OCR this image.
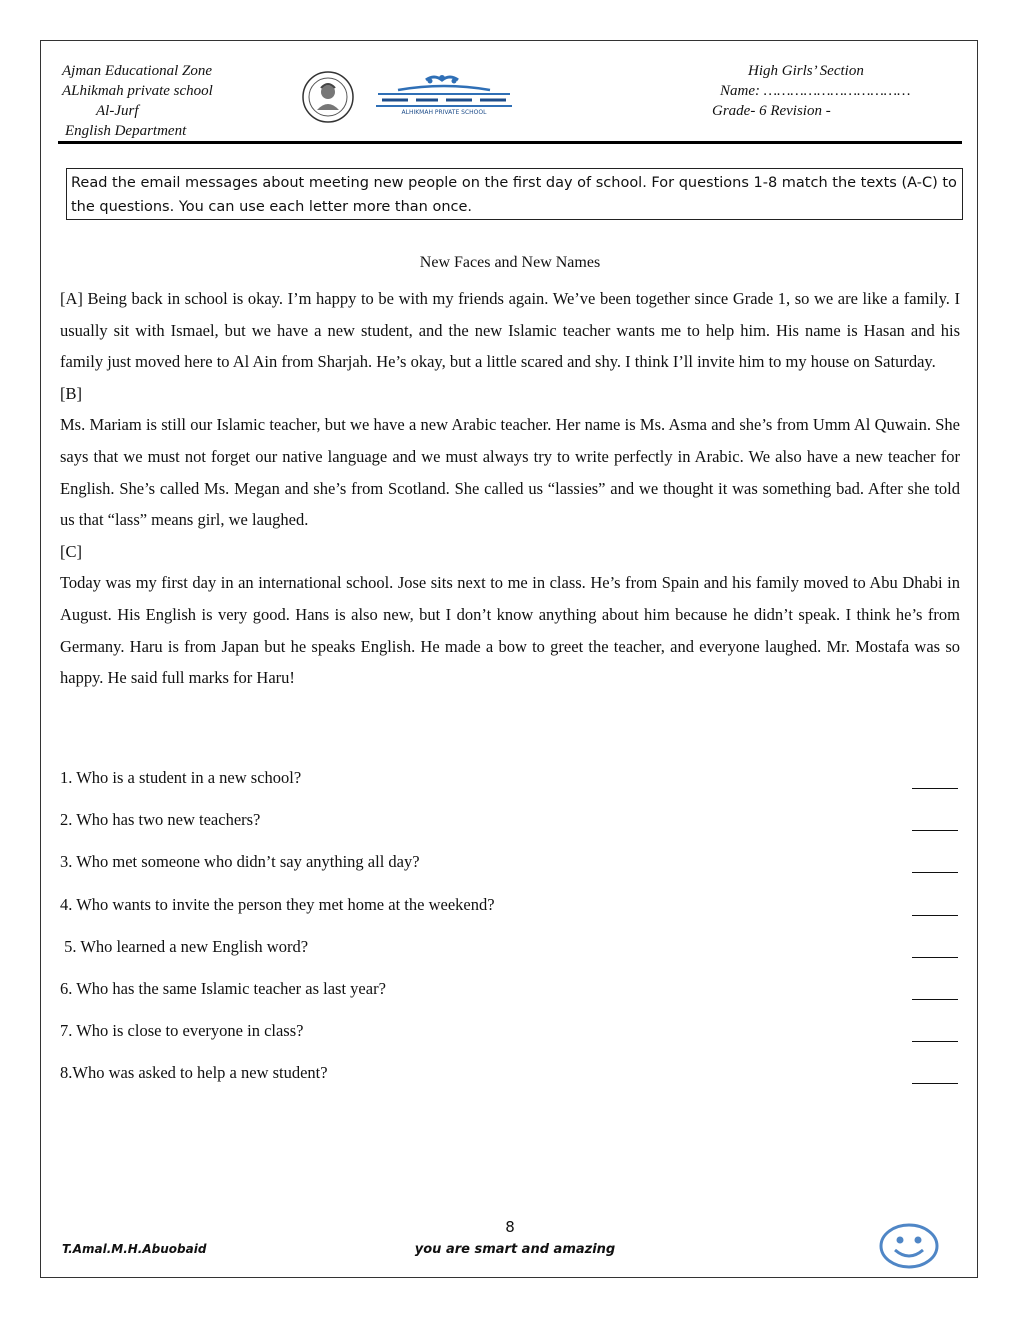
Ajman Educational Zone
ALhikmah private school
Al-Jurf
English Department
ALHIKMAH PRIVATE SCHOOL
High Girls’ Section
Name: ……………………………
Grade- 6 Revision -
Read the email messages about meeting new people on the first day of school. For questions 1-8 match the texts (A-C) to the questions. You can use each letter more than once.
New Faces and New Names

[A] Being back in school is okay. I’m happy to be with my friends again. We’ve been together since Grade 1, so we are like a family. I usually sit with Ismael, but we have a new student, and the new Islamic teacher wants me to help him. His name is Hasan and his family just moved here to Al Ain from Sharjah. He’s okay, but a little scared and shy. I think I’ll invite him to my house on Saturday.

[B]

Ms. Mariam is still our Islamic teacher, but we have a new Arabic teacher. Her name is Ms. Asma and she’s from Umm Al Quwain. She says that we must not forget our native language and we must always try to write perfectly in Arabic. We also have a new teacher for English. She’s called Ms. Megan and she’s from Scotland. She called us “lassies” and we thought it was something bad. After she told us that “lass” means girl, we laughed.

[C]

Today was my first day in an international school. Jose sits next to me in class. He’s from Spain and his family moved to Abu Dhabi in August. His English is very good. Hans is also new, but I don’t know anything about him because he didn’t speak. I think he’s from Germany. Haru is from Japan but he speaks English. He made a bow to greet the teacher, and everyone laughed. Mr. Mostafa was so happy. He said full marks for Haru!

1. Who is a student in a new school?
2. Who has two new teachers?
3. Who met someone who didn’t say anything all day?
4. Who wants to invite the person they met home at the weekend?
5. Who learned a new English word?
6. Who has the same Islamic teacher as last year?
7. Who is close to everyone in class?
8.Who was asked to help a new student?
8
T.Amal.M.H.Abuobaid	you are smart and amazing
